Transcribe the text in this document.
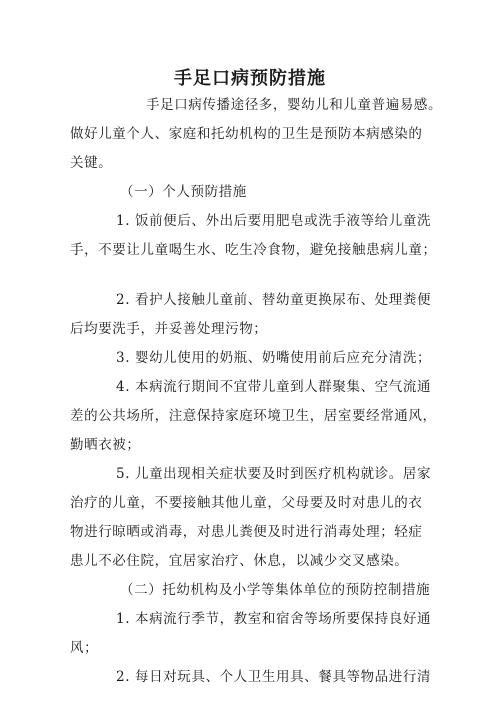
手足口病预防措施
手足口病传播途径多，婴幼儿和儿童普遍易感。
做好儿童个人、家庭和托幼机构的卫生是预防本病感染的
关键。
（一）个人预防措施
1. 饭前便后、外出后要用肥皂或洗手液等给儿童洗
手，不要让儿童喝生水、吃生冷食物，避免接触患病儿童；
2. 看护人接触儿童前、替幼童更换尿布、处理粪便
后均要洗手，并妥善处理污物；
3. 婴幼儿使用的奶瓶、奶嘴使用前后应充分清洗；
4. 本病流行期间不宜带儿童到人群聚集、空气流通
差的公共场所，注意保持家庭环境卫生，居室要经常通风，
勤晒衣被；
5. 儿童出现相关症状要及时到医疗机构就诊。居家
治疗的儿童，不要接触其他儿童，父母要及时对患儿的衣
物进行晾晒或消毒，对患儿粪便及时进行消毒处理；轻症
患儿不必住院，宜居家治疗、休息，以减少交叉感染。
（二）托幼机构及小学等集体单位的预防控制措施
1. 本病流行季节，教室和宿舍等场所要保持良好通
风；
2. 每日对玩具、个人卫生用具、餐具等物品进行清
